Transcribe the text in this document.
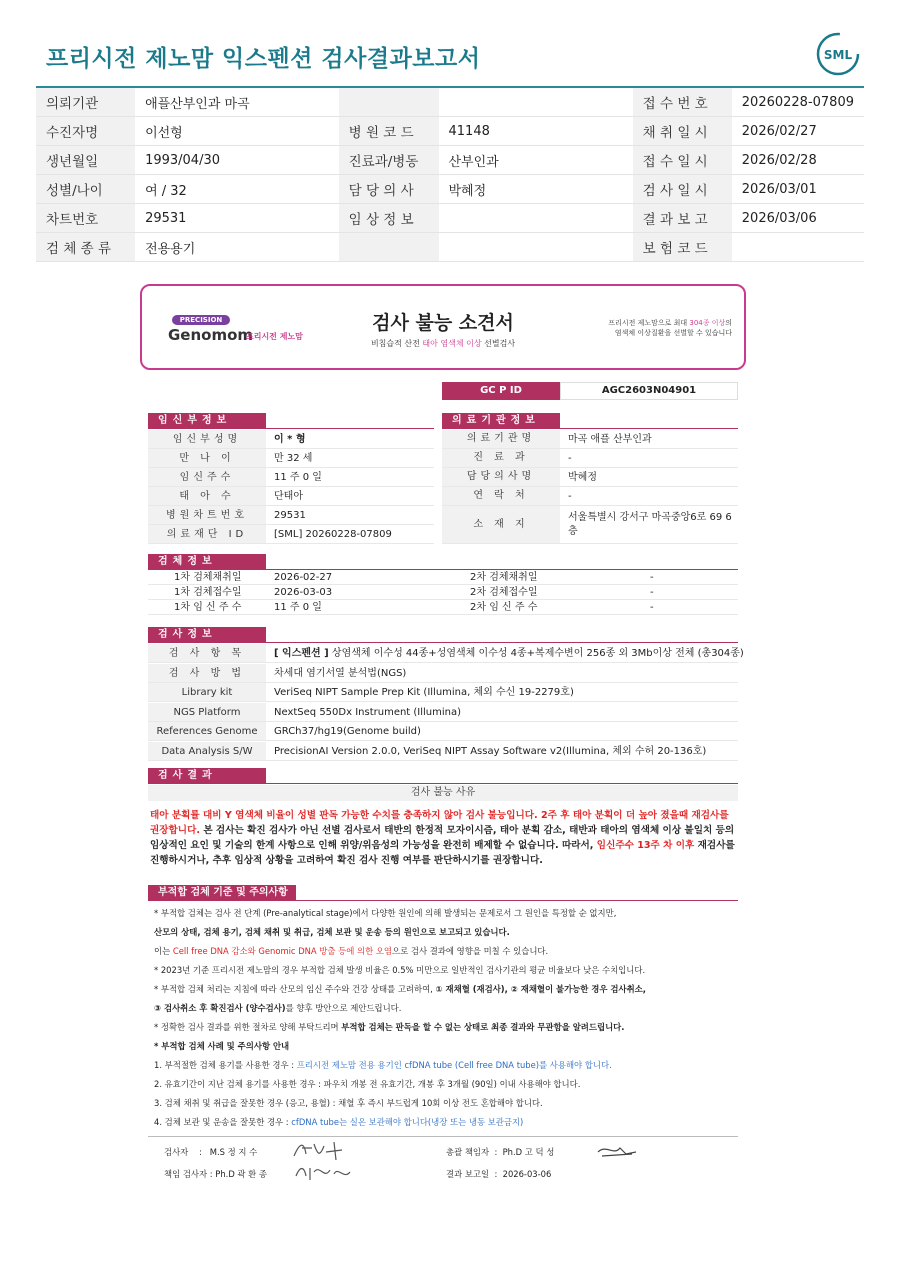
프리시전 제노맘 익스펜션 검사결과보고서	SML
의뢰기관	애플산부인과 마곡			접 수 번 호	20260228-07809
수진자명	이선형	병 원 코 드	41148	채 취 일 시	2026/02/27
생년월일	1993/04/30	진료과/병동	산부인과	접 수 일 시	2026/02/28
성별/나이	여 / 32	담 당 의 사	박혜정	검 사 일 시	2026/03/01
차트번호	29531	임 상 정 보		결 과 보 고	2026/03/06
검 체 종 류	전용용기			보 험 코 드	
PRECISION
Genomom
프리시전 제노맘
검사 불능 소견서
비침습적 산전 태아 염색체 이상 선별검사
프리시전 제노맘으로 최대 304종 이상의
염색체 이상질환을 선별할 수 있습니다
GC P ID	AGC2603N04901
임신부정보	의료기관정보
임신부성명	이 * 형
만 나 이	만 32 세
임신주수	11 주 0 일
태 아 수	단태아
병원차트번호	29531
의료재단 ID	[SML] 20260228-07809
의료기관명	마곡 애플 산부인과
진 료 과	-
담당의사명	박혜정
연 락 처	-
소 재 지
서울특별시 강서구 마곡중앙6로 69 6층
검체정보
1차 검체채취일	2026-02-27	2차 검체채취일	-
1차 검체접수일	2026-03-03	2차 검체접수일	-
1차 임 신 주 수	11 주 0 일	2차 임 신 주 수	-
검사정보
검 사 항 목	[ 익스펜션 ] 상염색체 이수성 44종+성염색체 이수성 4종+복제수변이 256종 외 3Mb이상 전체 (총304종)
검 사 방 법	차세대 염기서열 분석법(NGS)
Library kit	VeriSeq NIPT Sample Prep Kit (Illumina, 체외 수신 19-2279호)
NGS Platform	NextSeq 550Dx Instrument (Illumina)
References Genome	GRCh37/hg19(Genome build)
Data Analysis S/W	PrecisionAI Version 2.0.0, VeriSeq NIPT Assay Software v2(Illumina, 체외 수허 20-136호)
검사결과
검사 불능 사유
태아 분획률 대비 Y 염색체 비율이 성별 판독 가능한 수치를 충족하지 않아 검사 불능입니다. 2주 후 태아 분획이 더 높아 졌을때 재검사를 권장합니다. 본 검사는 확진 검사가 아닌 선별 검사로서 태반의 한정적 모자이시즘, 태아 분획 감소, 태반과 태아의 염색체 이상 불일치 등의 임상적인 요인 및 기술의 한계 사항으로 인해 위양/위음성의 가능성을 완전히 배제할 수 없습니다. 따라서, 임신주수 13주 차 이후 재검사를 진행하시거나, 추후 임상적 상황을 고려하여 확진 검사 진행 여부를 판단하시기를 권장합니다.
부적합 검체 기준 및 주의사항
* 부적합 검체는 검사 전 단계 (Pre-analytical stage)에서 다양한 원인에 의해 발생되는 문제로서 그 원인을 특정할 순 없지만,
산모의 상태, 검체 용기, 검체 채취 및 취급, 검체 보관 및 운송 등의 원인으로 보고되고 있습니다.
이는 Cell free DNA 감소와 Genomic DNA 방출 등에 의한 오염으로 검사 결과에 영향을 미칠 수 있습니다.
* 2023년 기준 프리시전 제노맘의 경우 부적합 검체 발생 비율은 0.5% 미만으로 일반적인 검사기관의 평균 비율보다 낮은 수치입니다.
* 부적합 검체 처리는 지침에 따라 산모의 임신 주수와 건강 상태를 고려하여, ① 재채혈 (재검사), ② 재채혈이 불가능한 경우 검사취소,
③ 검사취소 후 확진검사 (양수검사)를 향후 방안으로 제안드립니다.
* 정확한 검사 결과를 위한 절차로 양해 부탁드리며 부적합 검체는 판독을 할 수 없는 상태로 최종 결과와 무관함을 알려드립니다.
* 부적합 검체 사례 및 주의사항 안내
1. 부적절한 검체 용기를 사용한 경우 : 프리시전 제노맘 전용 용기인 cfDNA tube (Cell free DNA tube)를 사용해야 합니다.
2. 유효기간이 지난 검체 용기를 사용한 경우 : 파우치 개봉 전 유효기간, 개봉 후 3개월 (90일) 이내 사용해야 합니다.
3. 검체 채취 및 취급을 잘못한 경우 (응고, 용혈) : 채혈 후 즉시 부드럽게 10회 이상 전도 혼합해야 합니다.
4. 검체 보관 및 운송을 잘못한 경우 : cfDNA tube는 실온 보관해야 합니다(냉장 또는 냉동 보관금지)
검사자 : M.S 정 지 수
책임 검사자 : Ph.D 곽 환 종
총괄 책임자 : Ph.D 고 덕 성
결과 보고일 : 2026-03-06
